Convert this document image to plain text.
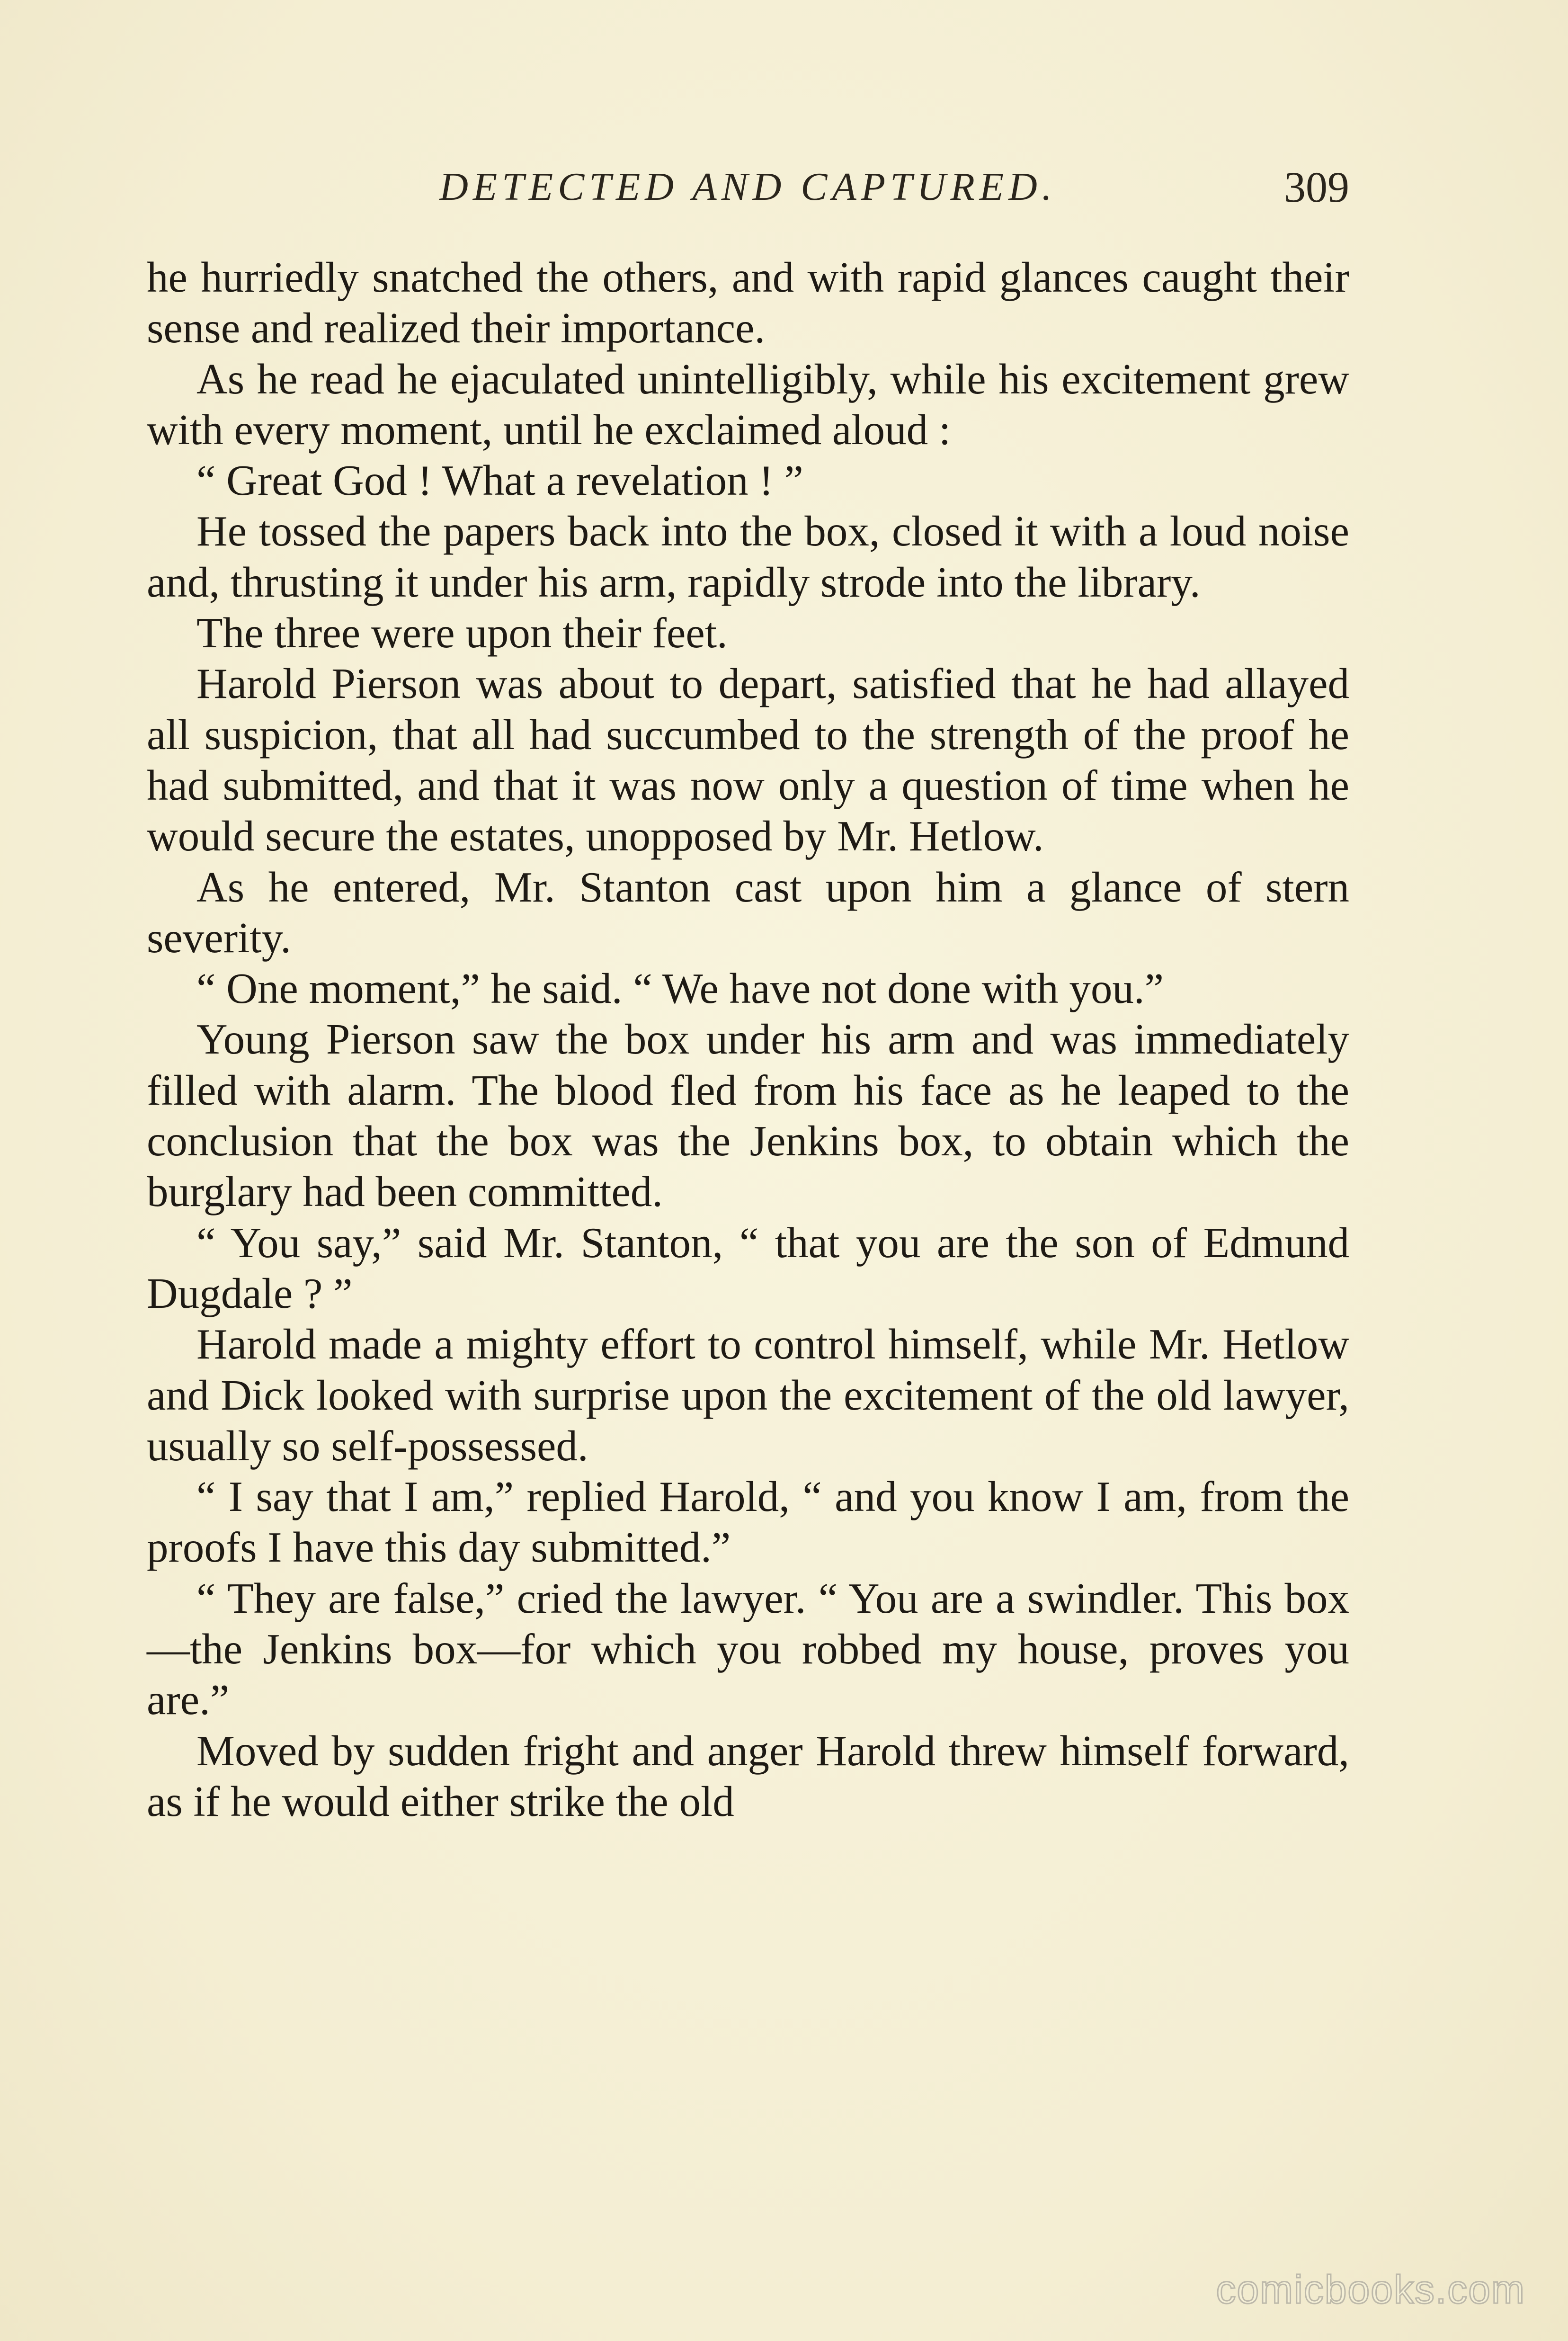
DETECTED AND CAPTURED.	309

he hurriedly snatched the others, and with rapid glances caught their sense and realized their importance.

As he read he ejaculated unintelligibly, while his excitement grew with every moment, until he exclaimed aloud :

“ Great God ! What a revelation ! ”

He tossed the papers back into the box, closed it with a loud noise and, thrusting it under his arm, rapidly strode into the library.

The three were upon their feet.

Harold Pierson was about to depart, satisfied that he had allayed all suspicion, that all had succumbed to the strength of the proof he had submitted, and that it was now only a question of time when he would secure the estates, unopposed by Mr. Hetlow.

As he entered, Mr. Stanton cast upon him a glance of stern severity.

“ One moment,” he said. “ We have not done with you.”

Young Pierson saw the box under his arm and was immediately filled with alarm. The blood fled from his face as he leaped to the conclusion that the box was the Jenkins box, to obtain which the burglary had been committed.

“ You say,” said Mr. Stanton, “ that you are the son of Edmund Dugdale ? ”

Harold made a mighty effort to control himself, while Mr. Hetlow and Dick looked with surprise upon the excitement of the old lawyer, usually so self-possessed.

“ I say that I am,” replied Harold, “ and you know I am, from the proofs I have this day submitted.”

“ They are false,” cried the lawyer. “ You are a swindler. This box—the Jenkins box—for which you robbed my house, proves you are.”

Moved by sudden fright and anger Harold threw himself forward, as if he would either strike the old

comicbooks.com
